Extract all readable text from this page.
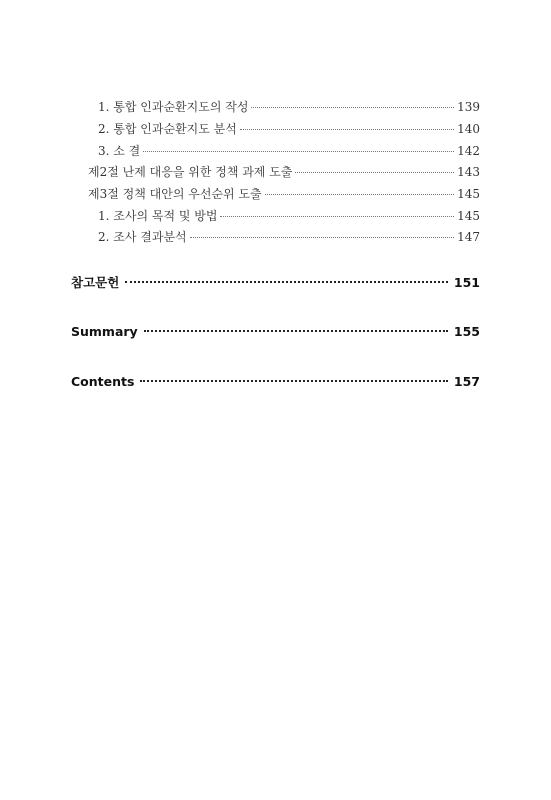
1. 통합 인과순환지도의 작성	139
2. 통합 인과순환지도 분석	140
3. 소 결	142
제2절 난제 대응을 위한 정책 과제 도출	143
제3절 정책 대안의 우선순위 도출	145
1. 조사의 목적 및 방법	145
2. 조사 결과분석	147
참고문헌	151
Summary	155
Contents	157
